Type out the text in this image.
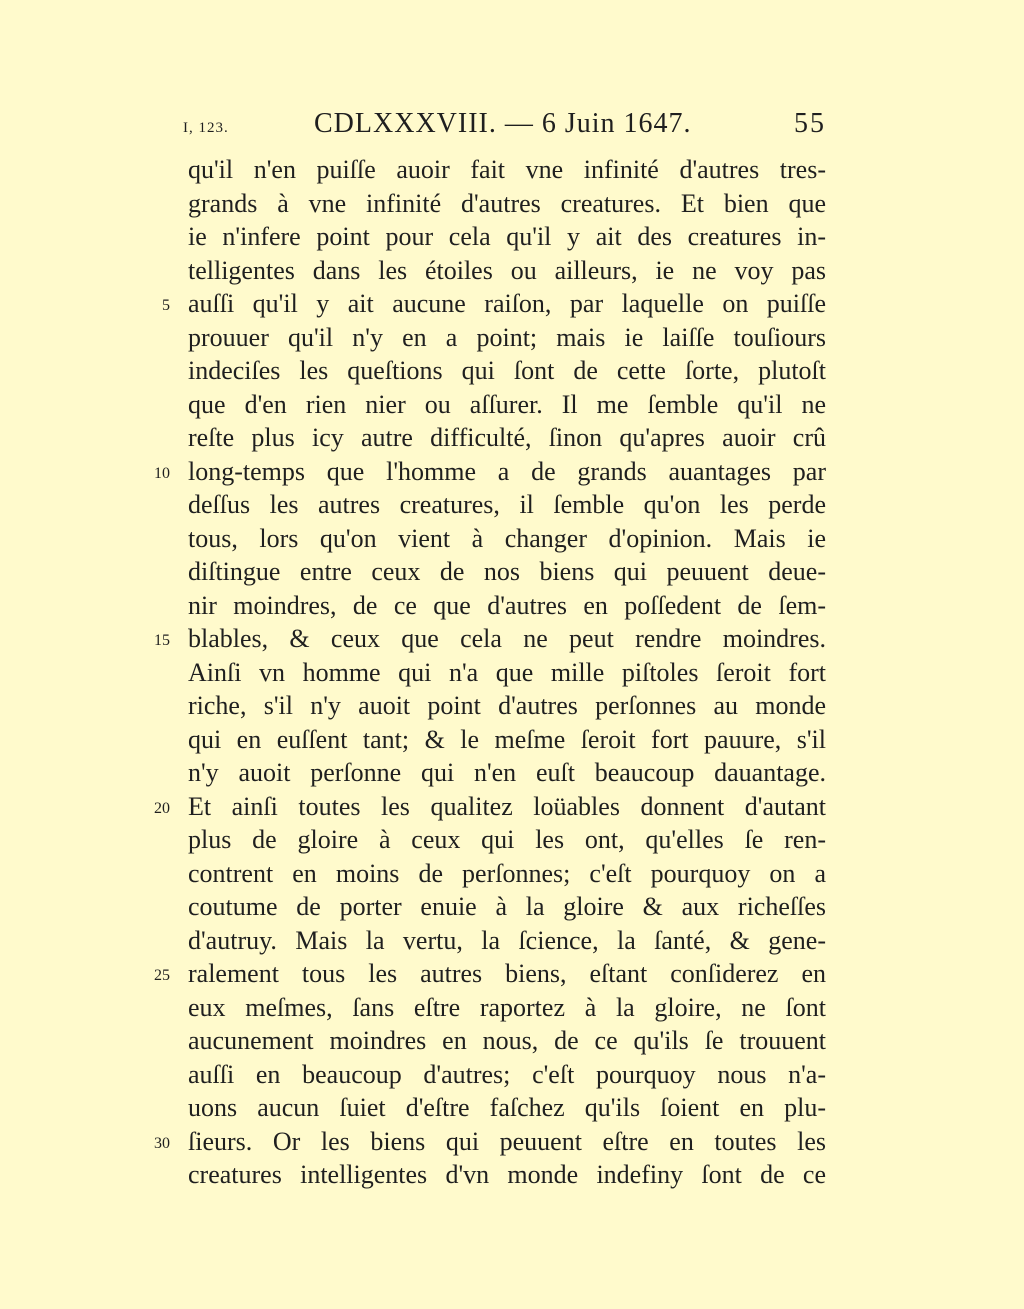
I, 123.	CDLXXXVIII. — 6 Juin 1647.	55
qu'il n'en puiſſe auoir fait vne infinité d'autres tres-
grands à vne infinité d'autres creatures. Et bien que
ie n'infere point pour cela qu'il y ait des creatures in-
telligentes dans les étoiles ou ailleurs, ie ne voy pas
5 auſſi qu'il y ait aucune raiſon, par laquelle on puiſſe
prouuer qu'il n'y en a point; mais ie laiſſe touſiours
indeciſes les queſtions qui ſont de cette ſorte, plutoſt
que d'en rien nier ou aſſurer. Il me ſemble qu'il ne
reſte plus icy autre difficulté, ſinon qu'apres auoir crû
10 long-temps que l'homme a de grands auantages par
deſſus les autres creatures, il ſemble qu'on les perde
tous, lors qu'on vient à changer d'opinion. Mais ie
diſtingue entre ceux de nos biens qui peuuent deue-
nir moindres, de ce que d'autres en poſſedent de ſem-
15 blables, & ceux que cela ne peut rendre moindres.
Ainſi vn homme qui n'a que mille piſtoles ſeroit fort
riche, s'il n'y auoit point d'autres perſonnes au monde
qui en euſſent tant; & le meſme ſeroit fort pauure, s'il
n'y auoit perſonne qui n'en euſt beaucoup dauantage.
20 Et ainſi toutes les qualitez loüables donnent d'autant
plus de gloire à ceux qui les ont, qu'elles ſe ren-
contrent en moins de perſonnes; c'eſt pourquoy on a
coutume de porter enuie à la gloire & aux richeſſes
d'autruy. Mais la vertu, la ſcience, la ſanté, & gene-
25 ralement tous les autres biens, eſtant conſiderez en
eux meſmes, ſans eſtre raportez à la gloire, ne ſont
aucunement moindres en nous, de ce qu'ils ſe trouuent
auſſi en beaucoup d'autres; c'eſt pourquoy nous n'a-
uons aucun ſuiet d'eſtre faſchez qu'ils ſoient en plu-
30 ſieurs. Or les biens qui peuuent eſtre en toutes les
creatures intelligentes d'vn monde indefiny ſont de ce
